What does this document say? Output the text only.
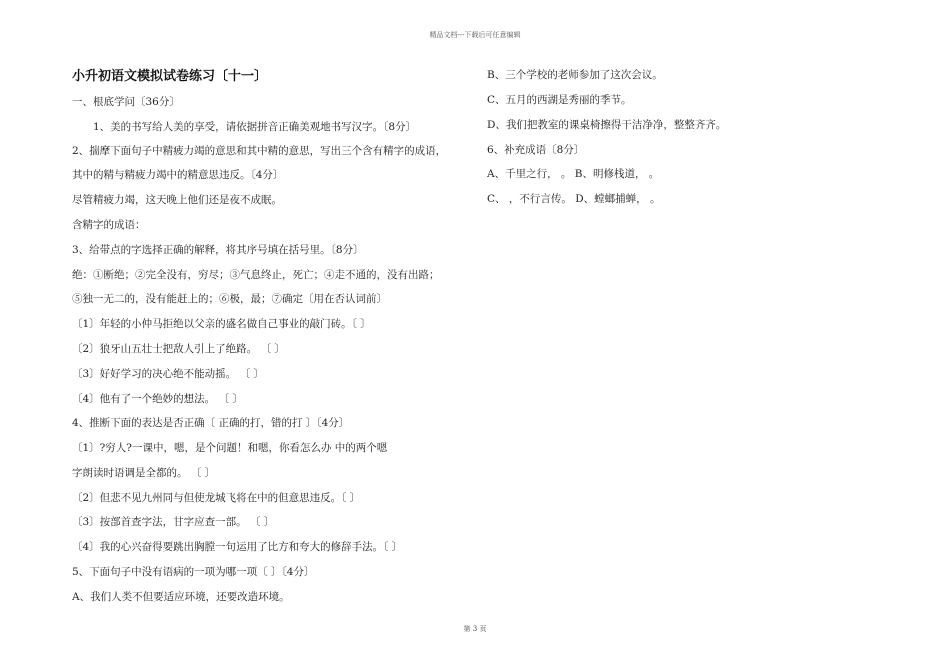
精品文档---下载后可任意编辑
小升初语文模拟试卷练习〔十一〕
一、根底学问〔36分〕
1、美的书写给人美的享受，请依据拼音正确美观地书写汉字。〔8分〕
2、揣摩下面句子中精疲力竭的意思和其中精的意思，写出三个含有精字的成语，
其中的精与精疲力竭中的精意思违反。〔4分〕
尽管精疲力竭，这天晚上他们还是夜不成眠。
含精字的成语：
3、给带点的字选择正确的解释，将其序号填在括号里。〔8分〕
绝：①断绝；②完全没有，穷尽；③气息终止，死亡；④走不通的，没有出路；
⑤独一无二的，没有能赶上的；⑥极，最；⑦确定〔用在否认词前〕
〔1〕年轻的小仲马拒绝以父亲的盛名做自己事业的敲门砖。〔 〕
〔2〕狼牙山五壮士把敌人引上了绝路。 〔 〕
〔3〕好好学习的决心绝不能动摇。 〔 〕
〔4〕他有了一个绝妙的想法。 〔 〕
4、推断下面的表达是否正确〔 正确的打，错的打 〕〔4分〕
〔1〕?穷人?一课中，嗯，是个问题！和嗯，你看怎么办 中的两个嗯
字朗读时语调是全都的。 〔 〕
〔2〕但悲不见九州同与但使龙城飞将在中的但意思违反。〔 〕
〔3〕按部首查字法，甘字应查一部。 〔 〕
〔4〕我的心兴奋得要跳出胸膛一句运用了比方和夸大的修辞手法。〔 〕
5、下面句子中没有语病的一项为哪一项〔 〕〔4分〕
A、我们人类不但要适应环境，还要改造环境。
B、三个学校的老师参加了这次会议。
C、五月的西湖是秀丽的季节。
D、我们把教室的课桌椅擦得干洁净净，整整齐齐。
6、补充成语〔8分〕
A、千里之行， 。 B、明修栈道， 。
C、 ，不行言传。 D、螳螂捕蝉， 。
第 3 页
